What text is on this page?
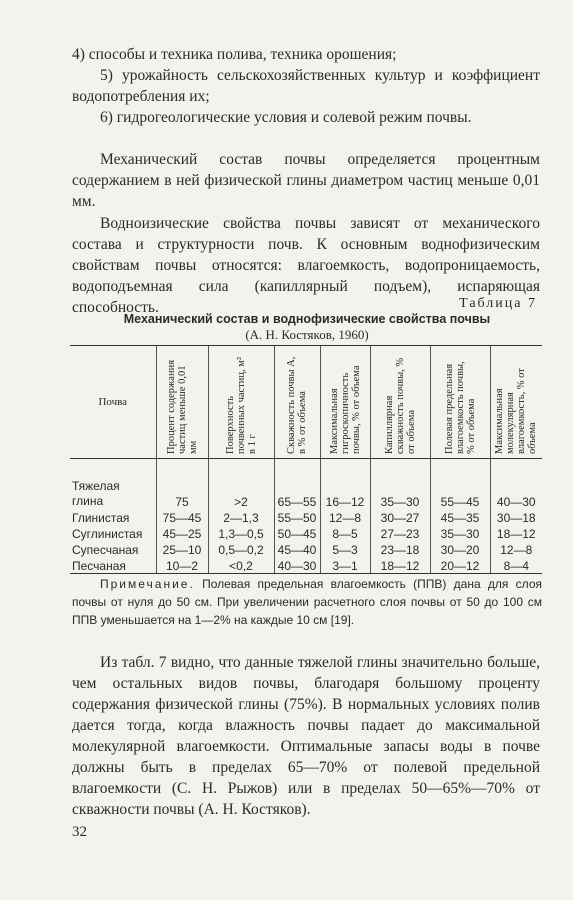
4) способы и техника полива, техника орошения;

5) урожайность сельскохозяйственных культур и коэффициент водопотребления их;

6) гидрогеологические условия и солевой режим почвы.

Механический состав почвы определяется процентным содержанием в ней физической глины диаметром частиц меньше 0,01 мм.

Водноизические свойства почвы зависят от механического состава и структурности почв. К основным воднофизическим свойствам почвы относятся: влагоемкость, водопроницаемость, водоподъемная сила (капиллярный подъем), испаряющая способность.	Таблица 7
Механический состав и воднофизические свойства почвы
(А. Н. Костяков, 1960)
Почва	Процент содержания частиц меньше 0,01 мм	Поверхность почвенных частиц, м² в 1 г	Скважность почвы А, в % от объема	Максимальная гигроскопичность почвы, % от объема	Капиллярная скважность почвы, % от объема	Полевая предельная влагоемкость почвы, % от объема	Максимальная молекулярная влагоемкость, % от объема

Тяжелая глина	75	>2	65—55	16—12	35—30	55—45	40—30
Глинистая	75—45	2—1,3	55—50	12—8	30—27	45—35	30—18
Суглинистая	45—25	1,3—0,5	50—45	8—5	27—23	35—30	18—12
Супесчаная	25—10	0,5—0,2	45—40	5—3	23—18	30—20	12—8
Песчаная	10—2	<0,2	40—30	3—1	18—12	20—12	8—4

Примечание. Полевая предельная влагоемкость (ППВ) дана для слоя почвы от нуля до 50 см. При увеличении расчетного слоя почвы от 50 до 100 см ППВ уменьшается на 1—2% на каждые 10 см [19].

Из табл. 7 видно, что данные тяжелой глины значительно больше, чем остальных видов почвы, благодаря большому проценту содержания физической глины (75%). В нормальных условиях полив дается тогда, когда влажность почвы падает до максимальной молекулярной влагоемкости. Оптимальные запасы воды в почве должны быть в пределах 65—70% от полевой предельной влагоемкости (С. Н. Рыжов) или в пределах 50—65%—70% от скважности почвы (А. Н. Костяков).

32
